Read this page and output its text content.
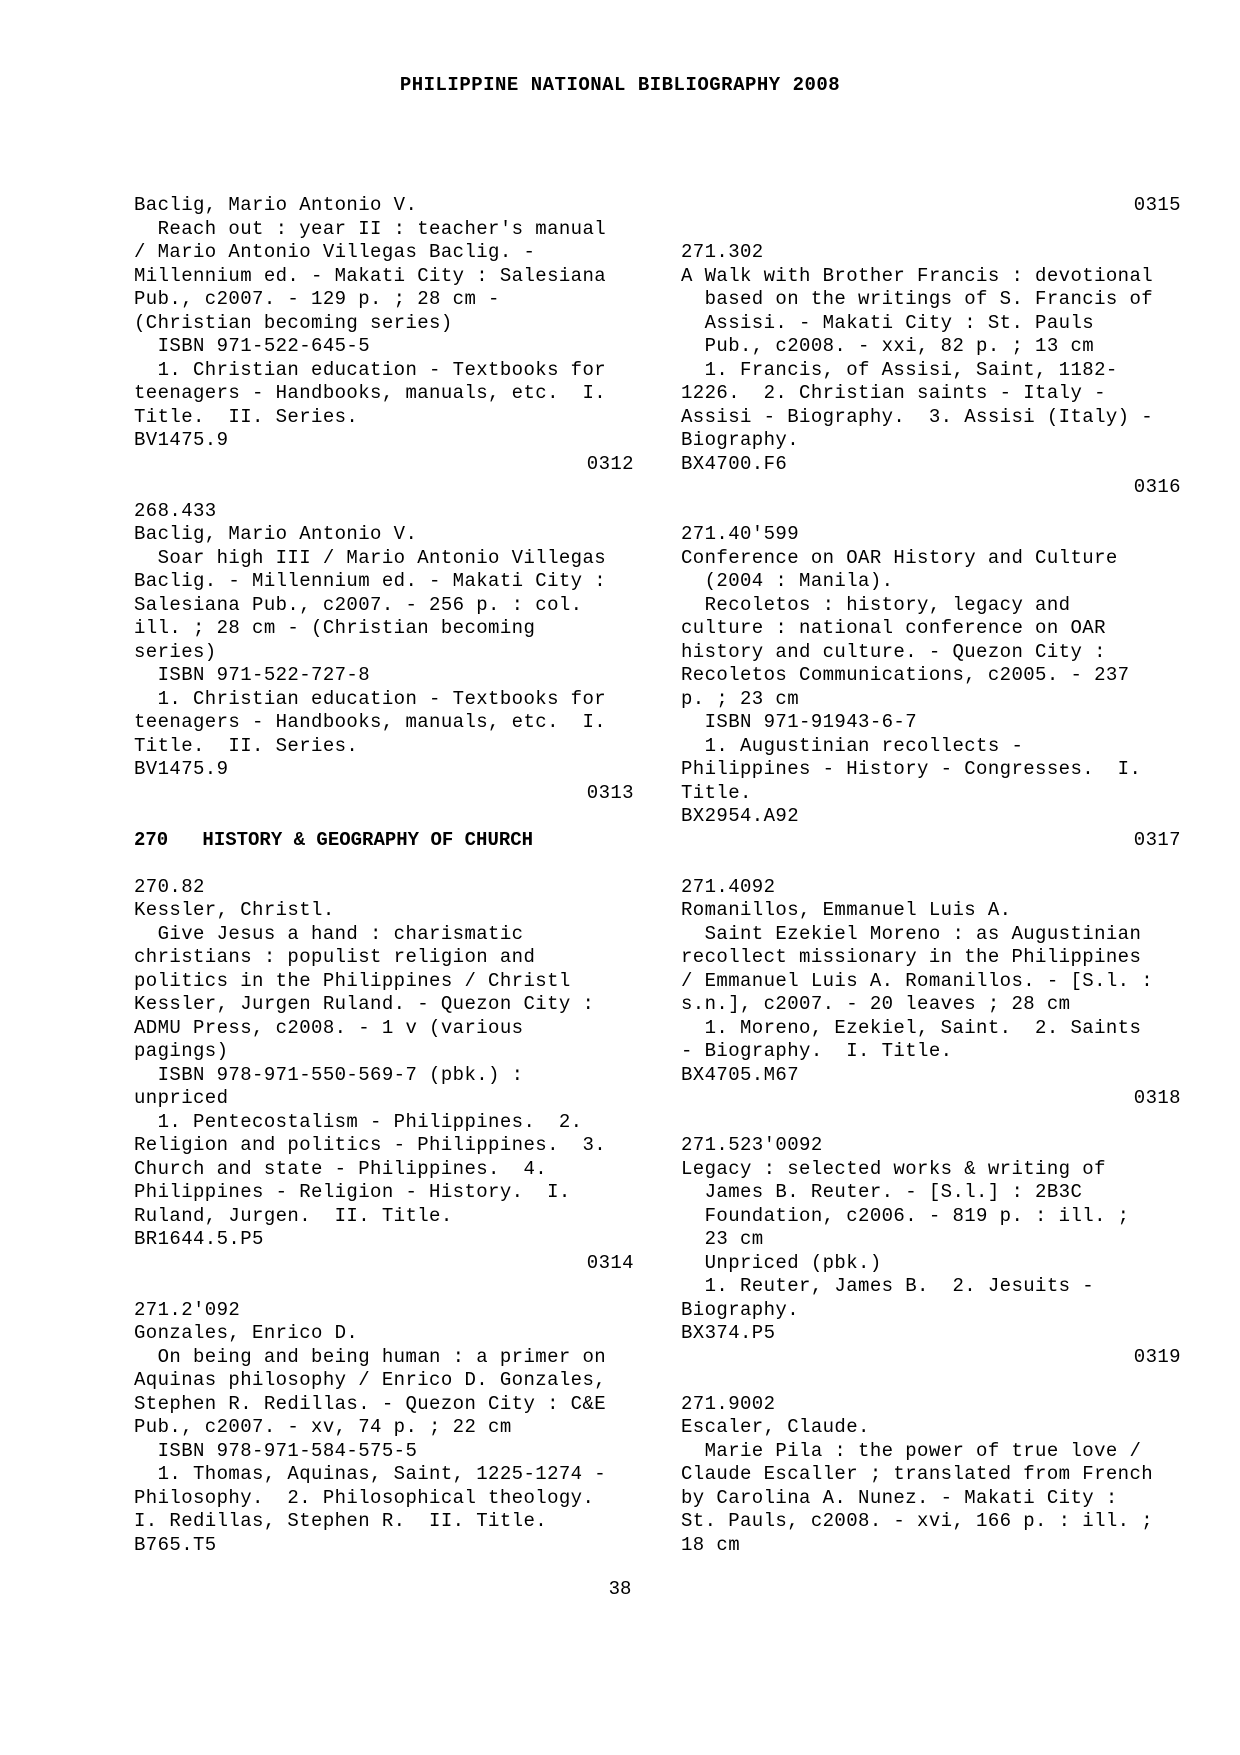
PHILIPPINE NATIONAL BIBLIOGRAPHY 2008
Baclig, Mario Antonio V.
Reach out : year II : teacher's manual
/ Mario Antonio Villegas Baclig. -
Millennium ed. - Makati City : Salesiana
Pub., c2007. - 129 p. ; 28 cm -
(Christian becoming series)
ISBN 971-522-645-5
1. Christian education - Textbooks for
teenagers - Handbooks, manuals, etc.  I.
Title.  II. Series.
BV1475.9
0312
268.433
Baclig, Mario Antonio V.
Soar high III / Mario Antonio Villegas
Baclig. - Millennium ed. - Makati City :
Salesiana Pub., c2007. - 256 p. : col.
ill. ; 28 cm - (Christian becoming
series)
ISBN 971-522-727-8
1. Christian education - Textbooks for
teenagers - Handbooks, manuals, etc.  I.
Title.  II. Series.
BV1475.9
0313
270   HISTORY & GEOGRAPHY OF CHURCH
270.82
Kessler, Christl.
Give Jesus a hand : charismatic
christians : populist religion and
politics in the Philippines / Christl
Kessler, Jurgen Ruland. - Quezon City :
ADMU Press, c2008. - 1 v (various
pagings)
ISBN 978-971-550-569-7 (pbk.) :
unpriced
1. Pentecostalism - Philippines.  2.
Religion and politics - Philippines.  3.
Church and state - Philippines.  4.
Philippines - Religion - History.  I.
Ruland, Jurgen.  II. Title.
BR1644.5.P5
0314
271.2'092
Gonzales, Enrico D.
On being and being human : a primer on
Aquinas philosophy / Enrico D. Gonzales,
Stephen R. Redillas. - Quezon City : C&E
Pub., c2007. - xv, 74 p. ; 22 cm
ISBN 978-971-584-575-5
1. Thomas, Aquinas, Saint, 1225-1274 -
Philosophy.  2. Philosophical theology.
I. Redillas, Stephen R.  II. Title.
B765.T5
0315
271.302
A Walk with Brother Francis : devotional
based on the writings of S. Francis of
Assisi. - Makati City : St. Pauls
Pub., c2008. - xxi, 82 p. ; 13 cm
1. Francis, of Assisi, Saint, 1182-
1226.  2. Christian saints - Italy -
Assisi - Biography.  3. Assisi (Italy) -
Biography.
BX4700.F6
0316
271.40'599
Conference on OAR History and Culture
(2004 : Manila).
Recoletos : history, legacy and
culture : national conference on OAR
history and culture. - Quezon City :
Recoletos Communications, c2005. - 237
p. ; 23 cm
ISBN 971-91943-6-7
1. Augustinian recollects -
Philippines - History - Congresses.  I.
Title.
BX2954.A92
0317
271.4092
Romanillos, Emmanuel Luis A.
Saint Ezekiel Moreno : as Augustinian
recollect missionary in the Philippines
/ Emmanuel Luis A. Romanillos. - [S.l. :
s.n.], c2007. - 20 leaves ; 28 cm
1. Moreno, Ezekiel, Saint.  2. Saints
- Biography.  I. Title.
BX4705.M67
0318
271.523'0092
Legacy : selected works & writing of
James B. Reuter. - [S.l.] : 2B3C
Foundation, c2006. - 819 p. : ill. ;
23 cm
Unpriced (pbk.)
1. Reuter, James B.  2. Jesuits -
Biography.
BX374.P5
0319
271.9002
Escaler, Claude.
Marie Pila : the power of true love /
Claude Escaller ; translated from French
by Carolina A. Nunez. - Makati City :
St. Pauls, c2008. - xvi, 166 p. : ill. ;
18 cm
38
